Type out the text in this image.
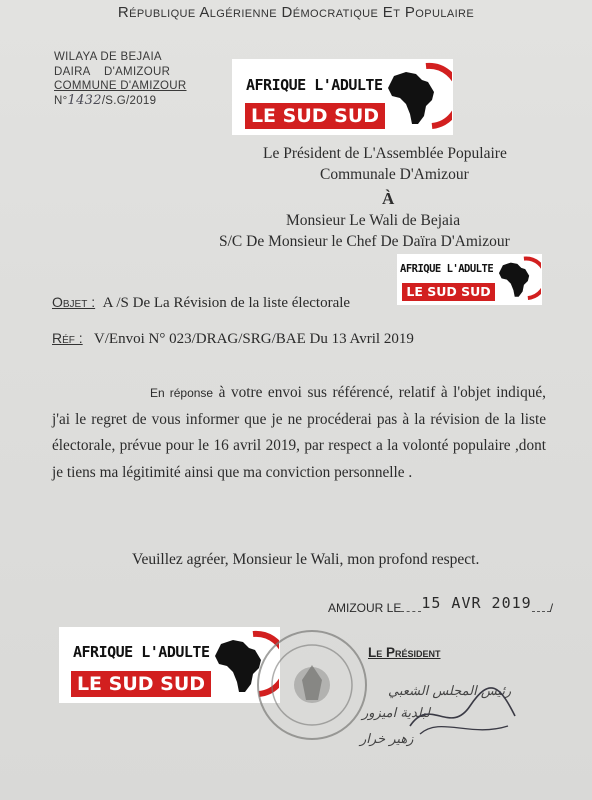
République Algérienne Démocratique Et Populaire
WILAYA DE BEJAIA
DAIRA    D'AMIZOUR
COMMUNE D'AMIZOUR
N°1432/S.G/2019
AFRIQUE L'ADULTE
LE SUD SUD
AFRIQUE L'ADULTE
LE SUD SUD
AFRIQUE L'ADULTE
LE SUD SUD
Le Président de L'Assemblée Populaire
Communale D'Amizour
À
Monsieur Le Wali de Bejaia
S/C De Monsieur le Chef De Daïra D'Amizour
Objet : A /S De La Révision de la liste électorale
Réf : V/Envoi N° 023/DRAG/SRG/BAE Du 13 Avril 2019
En réponse à votre envoi sus référencé, relatif à l'objet indiqué, j'ai le regret de vous informer que je ne procéderai pas à la révision de la liste électorale, prévue pour le 16 avril 2019, par respect a la volonté populaire ,dont je tiens ma légitimité ainsi que ma conviction personnelle .
Veuillez agréer, Monsieur le Wali, mon profond respect.
AMIZOUR LE 15 AVR 2019 /
Le Président
رئيس المجلس الشعبي
لبلدية اميزور
زهير خرار
